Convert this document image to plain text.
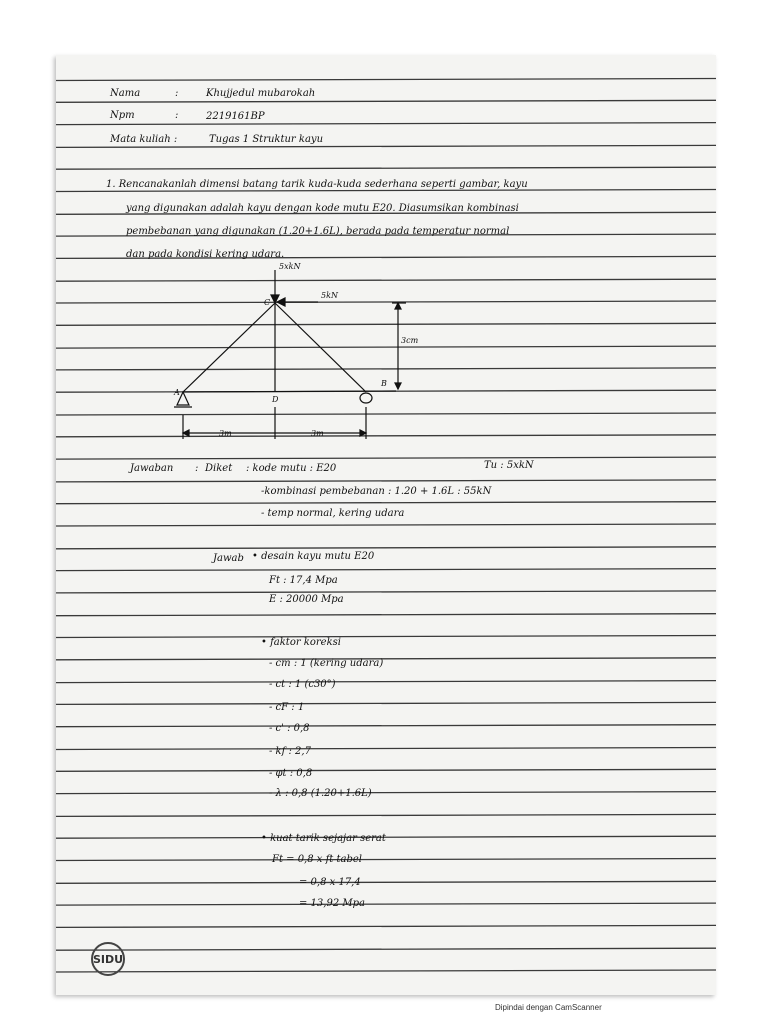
Nama	:	Khujjedul mubarokah
Npm	:	2219161BP
Mata kuliah :	Tugas 1 Struktur kayu
1. Rencanakanlah dimensi batang tarik kuda-kuda sederhana seperti gambar, kayu
yang digunakan adalah kayu dengan kode mutu E20. Diasumsikan kombinasi
pembebanan yang digunakan (1.20+1.6L), berada pada temperatur normal
dan pada kondisi kering udara.
5xkN
5kN
3cm
A
B
C
D
3m	3m
Jawaban : Diket : kode mutu : E20	Tu : 5xkN
-kombinasi pembebanan : 1.20 + 1.6L : 55kN
- temp normal, kering udara
Jawab • desain kayu mutu E20
Ft : 17,4 Mpa
E : 20000 Mpa
• faktor koreksi
- cm : 1 (kering udara)
- ct : 1 (c30°)
- cF : 1
- c' : 0,8
- kf : 2,7
- φt : 0,8
- λ : 0,8 (1.20+1.6L)
• kuat tarik sejajar serat
Ft = 0,8 x ft tabel
= 0,8 x 17,4
= 13,92 Mpa
SIDU
Dipindai dengan CamScanner
